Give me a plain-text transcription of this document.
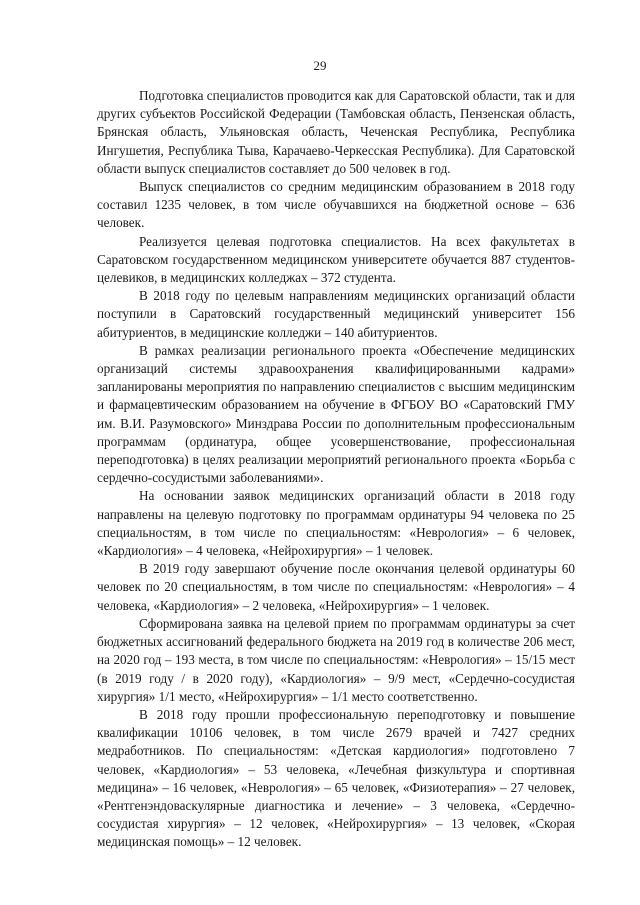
29

Подготовка специалистов проводится как для Саратовской области, так и для других субъектов Российской Федерации (Тамбовская область, Пензенская область, Брянская область, Ульяновская область, Чеченская Республика, Республика Ингушетия, Республика Тыва, Карачаево-Черкесская Республика). Для Саратовской области выпуск специалистов составляет до 500 человек в год.

Выпуск специалистов со средним медицинским образованием в 2018 году составил 1235 человек, в том числе обучавшихся на бюджетной основе – 636 человек.

Реализуется целевая подготовка специалистов. На всех факультетах в Саратовском государственном медицинском университете обучается 887 студентов-целевиков, в медицинских колледжах – 372 студента.

В 2018 году по целевым направлениям медицинских организаций области поступили в Саратовский государственный медицинский университет 156 абитуриентов, в медицинские колледжи – 140 абитуриентов.

В рамках реализации регионального проекта «Обеспечение медицинских организаций системы здравоохранения квалифицированными кадрами» запланированы мероприятия по направлению специалистов с высшим медицинским и фармацевтическим образованием на обучение в ФГБОУ ВО «Саратовский ГМУ им. В.И. Разумовского» Минздрава России по дополнительным профессиональным программам (ординатура, общее усовершенствование, профессиональная переподготовка) в целях реализации мероприятий регионального проекта «Борьба с сердечно-сосудистыми заболеваниями».

На основании заявок медицинских организаций области в 2018 году направлены на целевую подготовку по программам ординатуры 94 человека по 25 специальностям, в том числе по специальностям: «Неврология» – 6 человек, «Кардиология» – 4 человека, «Нейрохирургия» – 1 человек.

В 2019 году завершают обучение после окончания целевой ординатуры 60 человек по 20 специальностям, в том числе по специальностям: «Неврология» – 4 человека, «Кардиология» – 2 человека, «Нейрохирургия» – 1 человек.

Сформирована заявка на целевой прием по программам ординатуры за счет бюджетных ассигнований федерального бюджета на 2019 год в количестве 206 мест, на 2020 год – 193 места, в том числе по специальностям: «Неврология» – 15/15 мест (в 2019 году / в 2020 году), «Кардиология» – 9/9 мест, «Сердечно-сосудистая хирургия» 1/1 место, «Нейрохирургия» – 1/1 место соответственно.

В 2018 году прошли профессиональную переподготовку и повышение квалификации 10106 человек, в том числе 2679 врачей и 7427 средних медработников. По специальностям: «Детская кардиология» подготовлено 7 человек, «Кардиология» – 53 человека, «Лечебная физкультура и спортивная медицина» – 16 человек, «Неврология» – 65 человек, «Физиотерапия» – 27 человек, «Рентгенэндоваскулярные диагностика и лечение» – 3 человека, «Сердечно-сосудистая хирургия» – 12 человек, «Нейрохирургия» – 13 человек, «Скорая медицинская помощь» – 12 человек.
